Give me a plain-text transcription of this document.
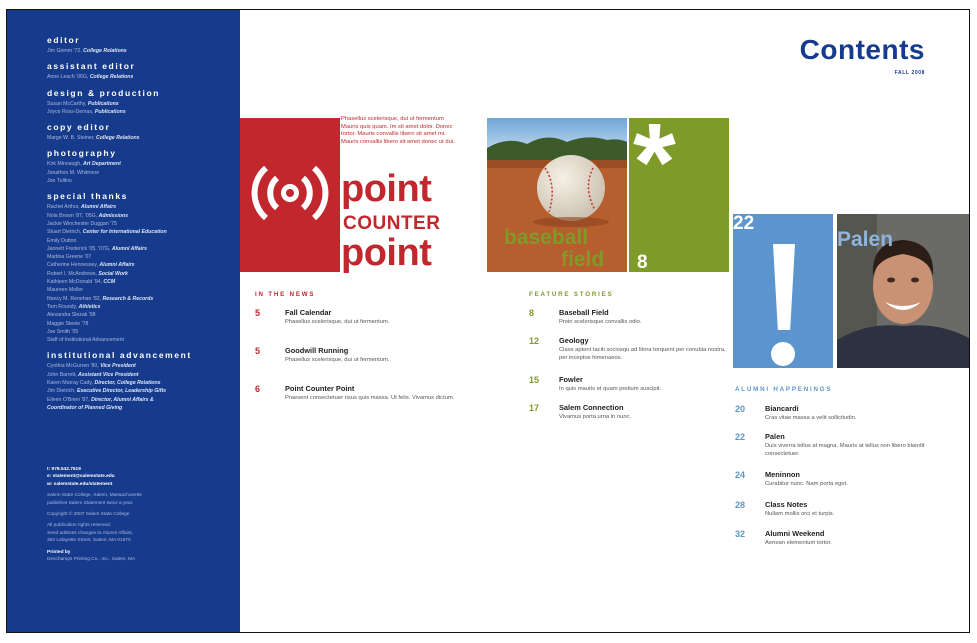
editor
Jim Grimm '72, College Relations
assistant editor
Anne Leach '06G, College Relations
design & production
Susan McCarthy, Publications
Joyce Ross-Demas, Publications
copy editor
Marge W. B. Steiner, College Relations
photography
Kirk Minnaugh, Art Department
Jonathon M. Whitmore
Joe Tullino
special thanks
Rachel Arthur, Alumni Affairs
Nola Brown '87, '05G, Admissions
Jackie Winchester Duggan '75
Stuart Dietrich, Center for International Education
Emily Dutton
Jannett Frederick '05, '07G, Alumni Affairs
Martina Greene '07
Catherine Hennessey, Alumni Affairs
Robert I. McAndrews, Social Work
Kathleen McDonald '94, CCM
Maureen Moller
Nancy M. Renehan '82, Research & Records
Tom Roundy, Athletics
Alexandra Slezak '98
Maggie Steele '78
Joe Smith '05
Staff of Institutional Advancement
institutional advancement
Cynthia McGurren '80, Vice President
John Barrett, Assistant Vice President
Karen Murray Cady, Director, College Relations
Jim Dietrich, Executive Director, Leadership Gifts
Eileen O'Brien '87, Director, Alumni Affairs &
Coordinator of Planned Giving
t: 978.542.7519
e: statement@salemstate.edu
w: salemstate.edu/statement
Salem State College, Salem, Massachusetts
publishes Salem Statement twice a year.
Copyright © 2007 Salem State College
All publication rights reserved.
Send address changes to Alumni Affairs,
352 Lafayette Street, Salem, MA 01970
Printed by
Deschamps Printing Co., Inc., Salem, MA
Contents
FALL 2008
6 Phasellus scelerisque, dui ut fermentum Mauris quis quam. Im sit amet dolor. Donec tortor. Mauris convallis libero sit amet mi. Mauris convallis libero sit amet donec ut dui.
point
COUNTER
point
*
baseball
field 8
22
Palen
IN THE NEWS
5	Fall Calendar
Phasellus scelerisque, dui ut fermentum.
5	Goodwill Running
Phasellus scelerisque, dui ut fermentum.
6	Point Counter Point
Praesent consectetuer risus quis massa. Ut felis. Vivamus dictum.
FEATURE STORIES
8	Baseball Field
Proin scelerisque convallis odio.
12	Geology
Class aptent taciti sociosqu ad litora torquent per conubia nostra, per inceptos himenaeos.
15	Fowler
In quis mauris et quam pretium suscipit.
17	Salem Connection
Vivamus porta urna in nunc.
ALUMNI HAPPENINGS
20	Biancardi
Cras vitae massa a velit sollicitudin.
22	Palen
Duis viverra tellus at magna. Mauris at tellus non libero blandit consectetuer.
24	Meninnon
Curabitur nunc. Nam porta eget.
28	Class Notes
Nullam mollis orci et turpis.
32	Alumni Weekend
Aenean elementum tortor.
